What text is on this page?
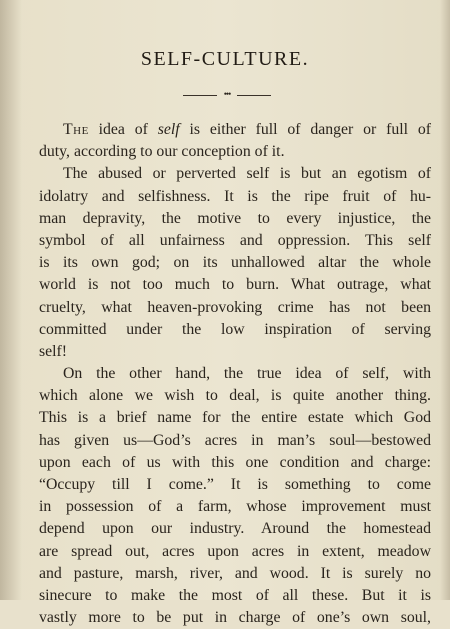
SELF-CULTURE.
•••
The idea of self is either full of danger or full of
duty, according to our conception of it.
The abused or perverted self is but an egotism of
idolatry and selfishness. It is the ripe fruit of hu-
man depravity, the motive to every injustice, the
symbol of all unfairness and oppression. This self
is its own god; on its unhallowed altar the whole
world is not too much to burn. What outrage, what
cruelty, what heaven-provoking crime has not been
committed under the low inspiration of serving
self!
On the other hand, the true idea of self, with
which alone we wish to deal, is quite another thing.
This is a brief name for the entire estate which God
has given us—God’s acres in man’s soul—bestowed
upon each of us with this one condition and charge:
“Occupy till I come.” It is something to come
in possession of a farm, whose improvement must
depend upon our industry. Around the homestead
are spread out, acres upon acres in extent, meadow
and pasture, marsh, river, and wood. It is surely no
sinecure to make the most of all these. But it is
vastly more to be put in charge of one’s own soul,
